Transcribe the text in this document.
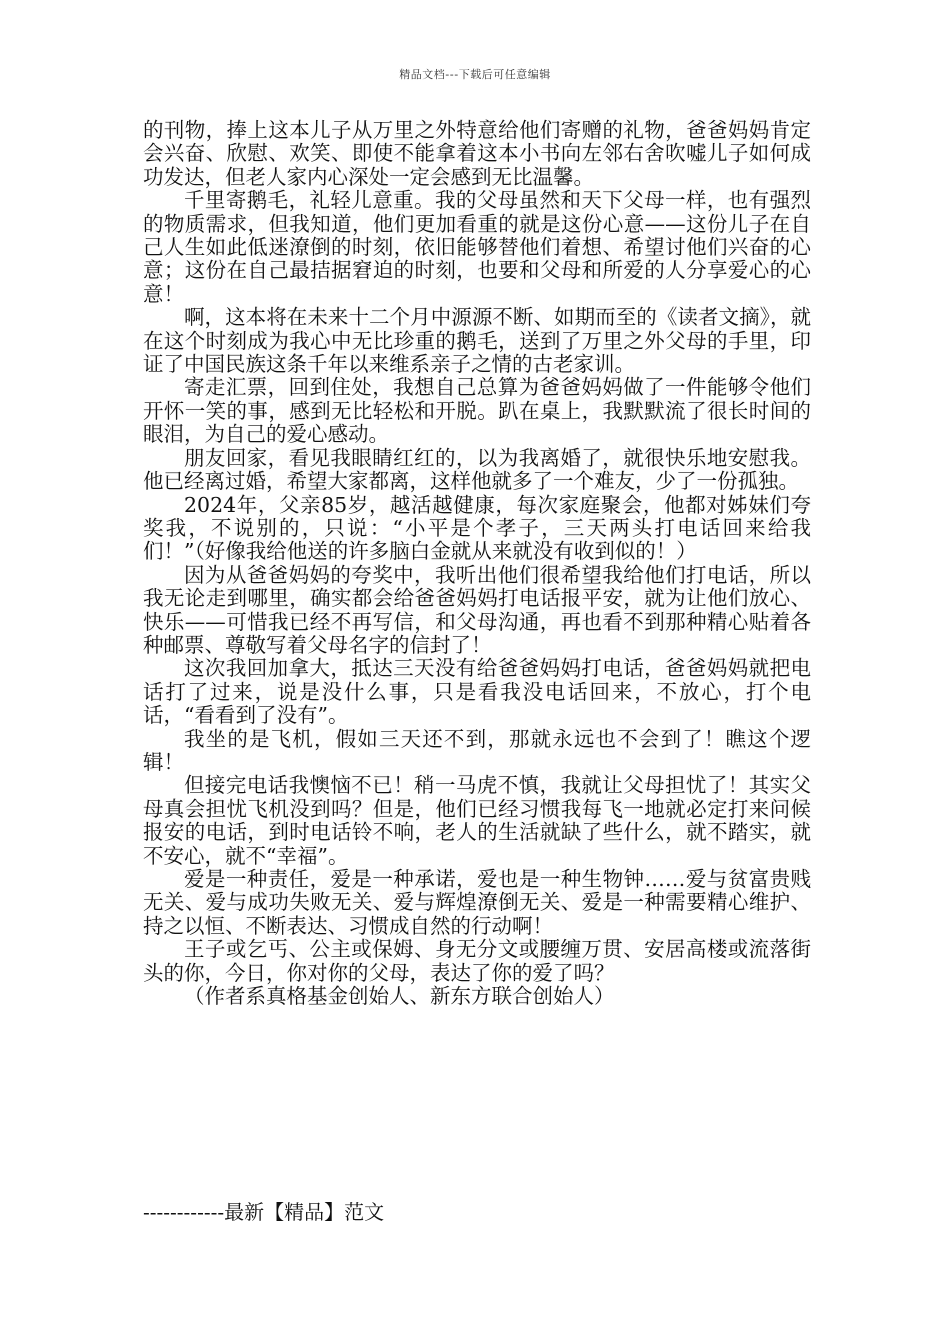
精品文档---下载后可任意编辑

的刊物，捧上这本儿子从万里之外特意给他们寄赠的礼物，爸爸妈妈肯定会兴奋、欣慰、欢笑、即使不能拿着这本小书向左邻右舍吹嘘儿子如何成功发达，但老人家内心深处一定会感到无比温馨。

千里寄鹅毛，礼轻儿意重。我的父母虽然和天下父母一样，也有强烈的物质需求，但我知道，他们更加看重的就是这份心意——这份儿子在自己人生如此低迷潦倒的时刻，依旧能够替他们着想、希望讨他们兴奋的心意；这份在自己最拮据窘迫的时刻，也要和父母和所爱的人分享爱心的心意！

啊，这本将在未来十二个月中源源不断、如期而至的《读者文摘》，就在这个时刻成为我心中无比珍重的鹅毛，送到了万里之外父母的手里，印证了中国民族这条千年以来维系亲子之情的古老家训。

寄走汇票，回到住处，我想自己总算为爸爸妈妈做了一件能够令他们开怀一笑的事，感到无比轻松和开脱。趴在桌上，我默默流了很长时间的眼泪，为自己的爱心感动。

朋友回家，看见我眼睛红红的，以为我离婚了，就很快乐地安慰我。他已经离过婚，希望大家都离，这样他就多了一个难友，少了一份孤独。

2024年，父亲85岁，越活越健康，每次家庭聚会，他都对姊妹们夸奖我，不说别的，只说：“小平是个孝子，三天两头打电话回来给我们！”（好像我给他送的许多脑白金就从来就没有收到似的！）

因为从爸爸妈妈的夸奖中，我听出他们很希望我给他们打电话，所以我无论走到哪里，确实都会给爸爸妈妈打电话报平安，就为让他们放心、快乐——可惜我已经不再写信，和父母沟通，再也看不到那种精心贴着各种邮票、尊敬写着父母名字的信封了！

这次我回加拿大，抵达三天没有给爸爸妈妈打电话，爸爸妈妈就把电话打了过来，说是没什么事，只是看我没电话回来，不放心，打个电话，“看看到了没有”。

我坐的是飞机，假如三天还不到，那就永远也不会到了！瞧这个逻辑！

但接完电话我懊恼不已！稍一马虎不慎，我就让父母担忧了！其实父母真会担忧飞机没到吗？但是，他们已经习惯我每飞一地就必定打来问候报安的电话，到时电话铃不响，老人的生活就缺了些什么，就不踏实，就不安心，就不“幸福”。

爱是一种责任，爱是一种承诺，爱也是一种生物钟……爱与贫富贵贱无关、爱与成功失败无关、爱与辉煌潦倒无关、爱是一种需要精心维护、持之以恒、不断表达、习惯成自然的行动啊！

王子或乞丐、公主或保姆、身无分文或腰缠万贯、安居高楼或流落街头的你，今日，你对你的父母，表达了你的爱了吗？

（作者系真格基金创始人、新东方联合创始人）

------------最新【精品】范文
